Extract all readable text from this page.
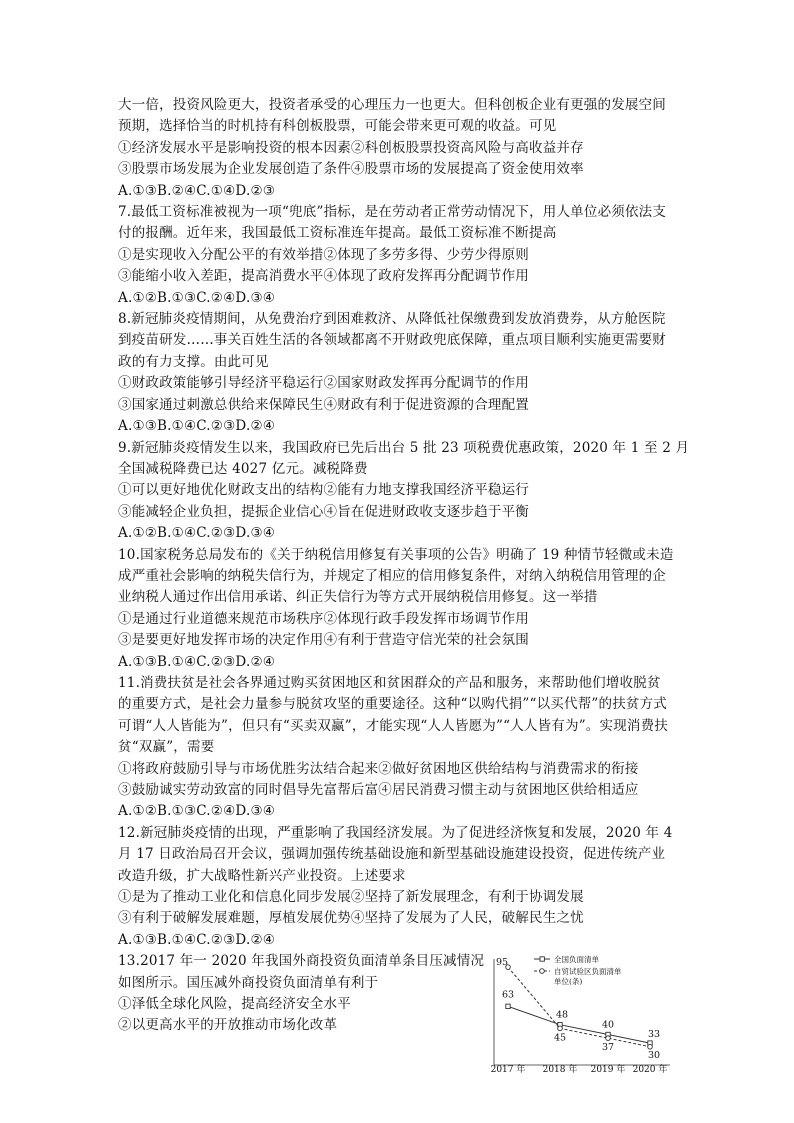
大一倍，投资风险更大，投资者承受的心理压力一也更大。但科创板企业有更强的发展空间
预期，选择恰当的时机持有科创板股票，可能会带来更可观的收益。可见
①经济发展水平是影响投资的根本因素②科创板股票投资高风险与高收益并存
③股票市场发展为企业发展创造了条件④股票市场的发展提高了资金使用效率
A.①③B.②④C.①④D.②③
7.最低工资标准被视为一项“兜底”指标，是在劳动者正常劳动情况下，用人单位必须依法支
付的报酬。近年来，我国最低工资标准连年提高。最低工资标准不断提高
①是实现收入分配公平的有效举措②体现了多劳多得、少劳少得原则
③能缩小收入差距，提高消费水平④体现了政府发挥再分配调节作用
A.①②B.①③C.②④D.③④
8.新冠肺炎疫情期间，从免费治疗到困难救济、从降低社保缴费到发放消费券，从方舱医院
到疫苗研发……事关百姓生活的各领域都离不开财政兜底保障，重点项目顺利实施更需要财
政的有力支撑。由此可见
①财政政策能够引导经济平稳运行②国家财政发挥再分配调节的作用
③国家通过刺激总供给来保障民生④财政有利于促进资源的合理配置
A.①③B.①④C.②③D.②④
9.新冠肺炎疫情发生以来，我国政府已先后出台 5 批 23 项税费优惠政策，2020 年 1 至 2 月
全国减税降费已达 4027 亿元。减税降费
①可以更好地优化财政支出的结构②能有力地支撑我国经济平稳运行
③能减轻企业负担，提振企业信心④旨在促进财政收支逐步趋于平衡
A.①②B.①④C.②③D.③④
10.国家税务总局发布的《关于纳税信用修复有关事项的公告》明确了 19 种情节轻微或未造
成严重社会影响的纳税失信行为，并规定了相应的信用修复条件，对纳入纳税信用管理的企
业纳税人通过作出信用承诺、纠正失信行为等方式开展纳税信用修复。这一举措
①是通过行业道德来规范市场秩序②体现行政手段发挥市场调节作用
③是要更好地发挥市场的决定作用④有利于营造守信光荣的社会氛围
A.①③B.①④C.②③D.②④
11.消费扶贫是社会各界通过购买贫困地区和贫困群众的产品和服务，来帮助他们增收脱贫
的重要方式，是社会力量参与脱贫攻坚的重要途径。这种“以购代捐”“以买代帮”的扶贫方式
可谓“人人皆能为”，但只有“买卖双赢”，才能实现“人人皆愿为”“人人皆有为”。实现消费扶
贫“双赢”，需要
①将政府鼓励引导与市场优胜劣汰结合起来②做好贫困地区供给结构与消费需求的衔接
③鼓励诚实劳动致富的同时倡导先富帮后富④居民消费习惯主动与贫困地区供给相适应
A.①②B.①③C.②④D.③④
12.新冠肺炎疫情的出现，严重影响了我国经济发展。为了促进经济恢复和发展，2020 年 4
月 17 日政治局召开会议，强调加强传统基础设施和新型基础设施建设投资，促进传统产业
改造升级，扩大战略性新兴产业投资。上述要求
①是为了推动工业化和信息化同步发展②坚持了新发展理念，有利于协调发展
③有利于破解发展难题，厚植发展优势④坚持了发展为了人民，破解民生之忧
A.①③B.①④C.②③D.②④
13.2017 年一 2020 年我国外商投资负面清单条目压减情况
如图所示。国压减外商投资负面清单有利于
①泽低全球化风险，提高经济安全水平
②以更高水平的开放推动市场化改革
2017 年 2018 年 2019 年 2020 年
63
48
40
33
95
45
37
30
全国负面清单
自贸试验区负面清单
单位(条)
